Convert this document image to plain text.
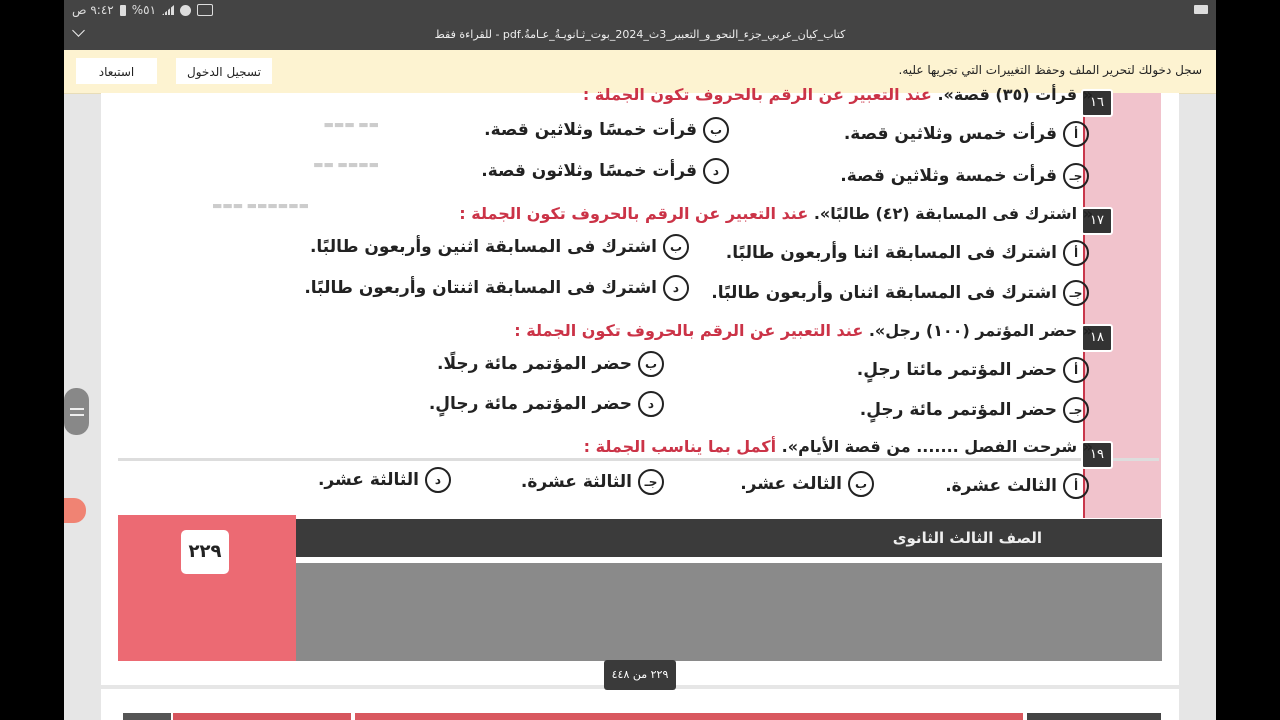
٩:٤٢ ص %٥١
كتاب_كيان_عربي_جزء_النحو_و_التعبير_3ث_2024_بوت_ثـانويـةُ_عـامةُ.pdf - للقراءة فقط
سجل دخولك لتحرير الملف وحفظ التغييرات التي تجريها عليه.
تسجيل الدخول
استبعاد
▬▬ ▬▬▬
▬▬▬▬ ▬▬
▬▬▬▬▬▬ ▬▬▬
١٦
« قرأت (٣٥) قصة». عند التعبير عن الرقم بالحروف تكون الجملة :
أ
قرأت خمس وثلاثين قصة.
ب
قرأت خمسًا وثلاثين قصة.
جـ
قرأت خمسة وثلاثين قصة.
د
قرأت خمسًا وثلاثون قصة.
١٧
« اشترك فى المسابقة (٤٢) طالبًا». عند التعبير عن الرقم بالحروف تكون الجملة :
أ
اشترك فى المسابقة اثنا وأربعون طالبًا.
ب
اشترك فى المسابقة اثنين وأربعون طالبًا.
جـ
اشترك فى المسابقة اثنان وأربعون طالبًا.
د
اشترك فى المسابقة اثنتان وأربعون طالبًا.
١٨
« حضر المؤتمر (١٠٠) رجل». عند التعبير عن الرقم بالحروف تكون الجملة :
أ
حضر المؤتمر مائتا رجلٍ.
ب
حضر المؤتمر مائة رجلًا.
جـ
حضر المؤتمر مائة رجلٍ.
د
حضر المؤتمر مائة رجالٍ.
١٩
« شرحت الفصل ....... من قصة الأيام». أكمل بما يناسب الجملة :
أ
الثالث عشرة.
ب
الثالث عشر.
جـ
الثالثة عشرة.
د
الثالثة عشر.
٢٢٩
الصف الثالث الثانوى
٢٢٩ من ٤٤٨
